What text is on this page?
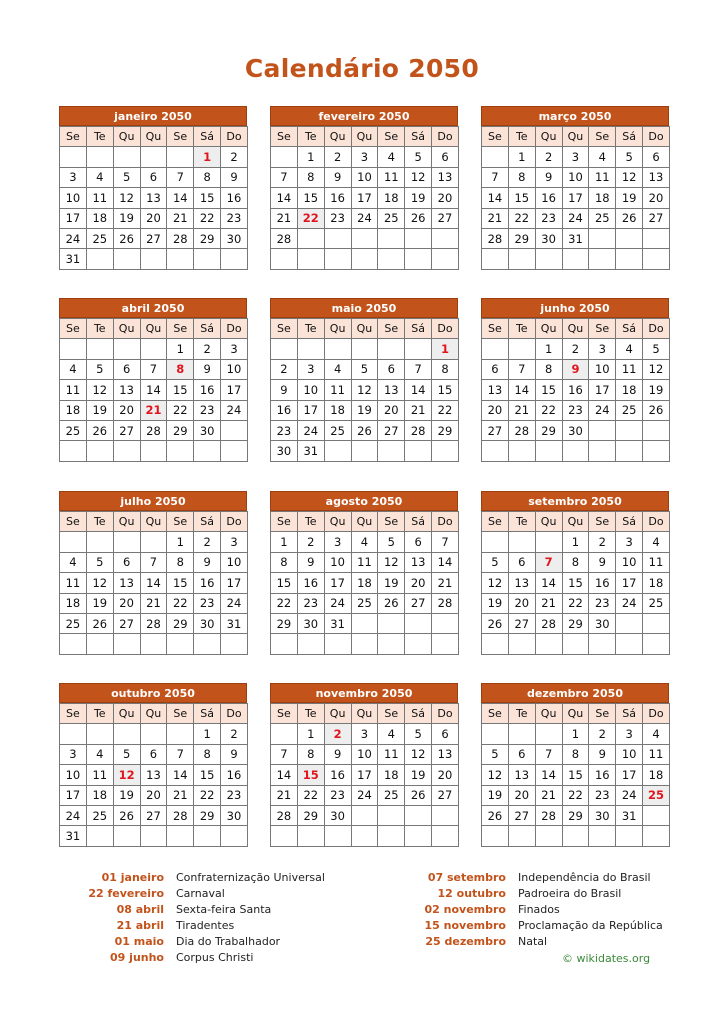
Calendário 2050
janeiro 2050
Se	Te	Qu	Qu	Se	Sá	Do
					1	2
3	4	5	6	7	8	9
10	11	12	13	14	15	16
17	18	19	20	21	22	23
24	25	26	27	28	29	30
31						
fevereiro 2050
Se	Te	Qu	Qu	Se	Sá	Do
	1	2	3	4	5	6
7	8	9	10	11	12	13
14	15	16	17	18	19	20
21	22	23	24	25	26	27
28						

março 2050
Se	Te	Qu	Qu	Se	Sá	Do
	1	2	3	4	5	6
7	8	9	10	11	12	13
14	15	16	17	18	19	20
21	22	23	24	25	26	27
28	29	30	31			

abril 2050
Se	Te	Qu	Qu	Se	Sá	Do
				1	2	3
4	5	6	7	8	9	10
11	12	13	14	15	16	17
18	19	20	21	22	23	24
25	26	27	28	29	30	

maio 2050
Se	Te	Qu	Qu	Se	Sá	Do
						1
2	3	4	5	6	7	8
9	10	11	12	13	14	15
16	17	18	19	20	21	22
23	24	25	26	27	28	29
30	31					
junho 2050
Se	Te	Qu	Qu	Se	Sá	Do
		1	2	3	4	5
6	7	8	9	10	11	12
13	14	15	16	17	18	19
20	21	22	23	24	25	26
27	28	29	30			

julho 2050
Se	Te	Qu	Qu	Se	Sá	Do
				1	2	3
4	5	6	7	8	9	10
11	12	13	14	15	16	17
18	19	20	21	22	23	24
25	26	27	28	29	30	31

agosto 2050
Se	Te	Qu	Qu	Se	Sá	Do
1	2	3	4	5	6	7
8	9	10	11	12	13	14
15	16	17	18	19	20	21
22	23	24	25	26	27	28
29	30	31				

setembro 2050
Se	Te	Qu	Qu	Se	Sá	Do
			1	2	3	4
5	6	7	8	9	10	11
12	13	14	15	16	17	18
19	20	21	22	23	24	25
26	27	28	29	30		

outubro 2050
Se	Te	Qu	Qu	Se	Sá	Do
					1	2
3	4	5	6	7	8	9
10	11	12	13	14	15	16
17	18	19	20	21	22	23
24	25	26	27	28	29	30
31						
novembro 2050
Se	Te	Qu	Qu	Se	Sá	Do
	1	2	3	4	5	6
7	8	9	10	11	12	13
14	15	16	17	18	19	20
21	22	23	24	25	26	27
28	29	30				

dezembro 2050
Se	Te	Qu	Qu	Se	Sá	Do
			1	2	3	4
5	6	7	8	9	10	11
12	13	14	15	16	17	18
19	20	21	22	23	24	25
26	27	28	29	30	31	

01 janeiro Confraternização Universal
22 fevereiro Carnaval
08 abril Sexta-feira Santa
21 abril Tiradentes
01 maio Dia do Trabalhador
09 junho Corpus Christi
07 setembro Independência do Brasil
12 outubro Padroeira do Brasil
02 novembro Finados
15 novembro Proclamação da República
25 dezembro Natal
© wikidates.org
